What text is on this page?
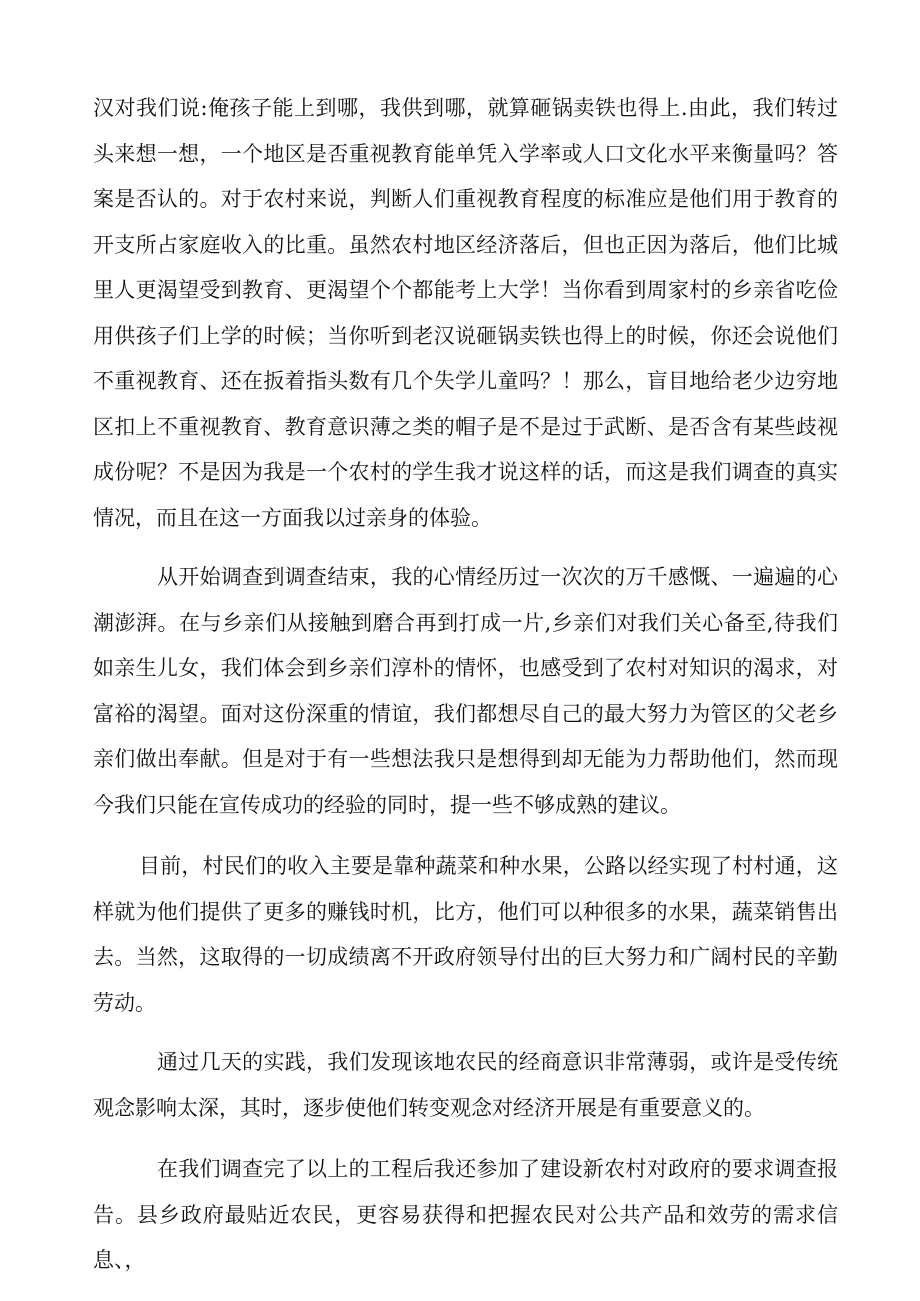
汉对我们说:俺孩子能上到哪，我供到哪，就算砸锅卖铁也得上.由此，我们转过头来想一想，一个地区是否重视教育能单凭入学率或人口文化水平来衡量吗？答案是否认的。对于农村来说，判断人们重视教育程度的标准应是他们用于教育的开支所占家庭收入的比重。虽然农村地区经济落后，但也正因为落后，他们比城里人更渴望受到教育、更渴望个个都能考上大学！当你看到周家村的乡亲省吃俭用供孩子们上学的时候；当你听到老汉说砸锅卖铁也得上的时候，你还会说他们不重视教育、还在扳着指头数有几个失学儿童吗？！那么，盲目地给老少边穷地区扣上不重视教育、教育意识薄之类的帽子是不是过于武断、是否含有某些歧视成份呢？不是因为我是一个农村的学生我才说这样的话，而这是我们调查的真实情况，而且在这一方面我以过亲身的体验。

从开始调查到调查结束，我的心情经历过一次次的万千感慨、一遍遍的心潮澎湃。在与乡亲们从接触到磨合再到打成一片,乡亲们对我们关心备至,待我们如亲生儿女，我们体会到乡亲们淳朴的情怀，也感受到了农村对知识的渴求，对富裕的渴望。面对这份深重的情谊，我们都想尽自己的最大努力为管区的父老乡亲们做出奉献。但是对于有一些想法我只是想得到却无能为力帮助他们，然而现今我们只能在宣传成功的经验的同时，提一些不够成熟的建议。

目前，村民们的收入主要是靠种蔬菜和种水果，公路以经实现了村村通，这样就为他们提供了更多的赚钱时机，比方，他们可以种很多的水果，蔬菜销售出去。当然，这取得的一切成绩离不开政府领导付出的巨大努力和广阔村民的辛勤劳动。

通过几天的实践，我们发现该地农民的经商意识非常薄弱，或许是受传统观念影响太深，其时，逐步使他们转变观念对经济开展是有重要意义的。

在我们调查完了以上的工程后我还参加了建设新农村对政府的要求调查报告。县乡政府最贴近农民，更容易获得和把握农民对公共产品和效劳的需求信息、，
